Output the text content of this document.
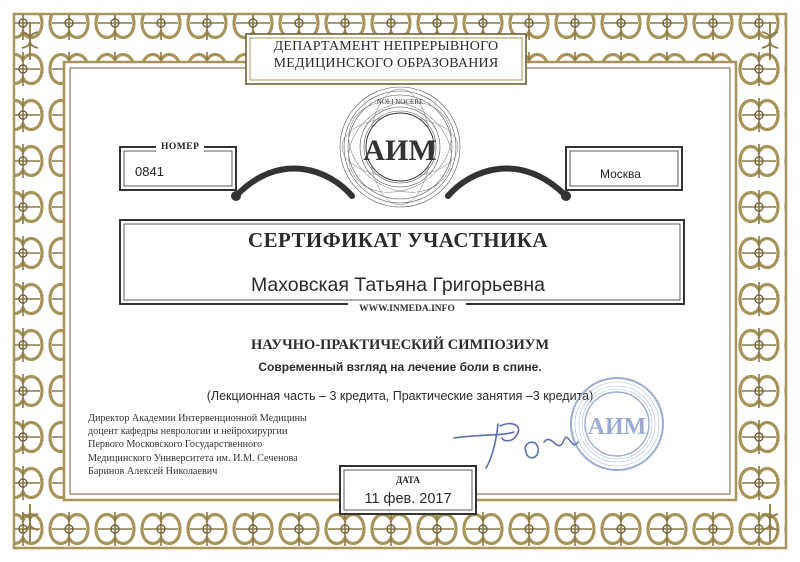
ДЕПАРТАМЕНТ НЕПРЕРЫВНОГО
МЕДИЦИНСКОГО ОБРАЗОВАНИЯ
NOLI NOCERE
АИМ
НОМЕР
0841	Москва
СЕРТИФИКАТ УЧАСТНИКА
Маховская Татьяна Григорьевна
WWW.INMEDA.INFO
НАУЧНО-ПРАКТИЧЕСКИЙ СИМПОЗИУМ
Современный взгляд на лечение боли в спине.
(Лекционная часть – 3 кредита, Практические занятия –3 кредита)
Директор Академии Интервенционной Медицины
доцент кафедры неврологии и нейрохирургии
Первого Московского Государственного
Медицинского Университета им. И.М. Сеченова
Баринов Алексей Николаевич
АИМ
ДАТА
11 фев. 2017
